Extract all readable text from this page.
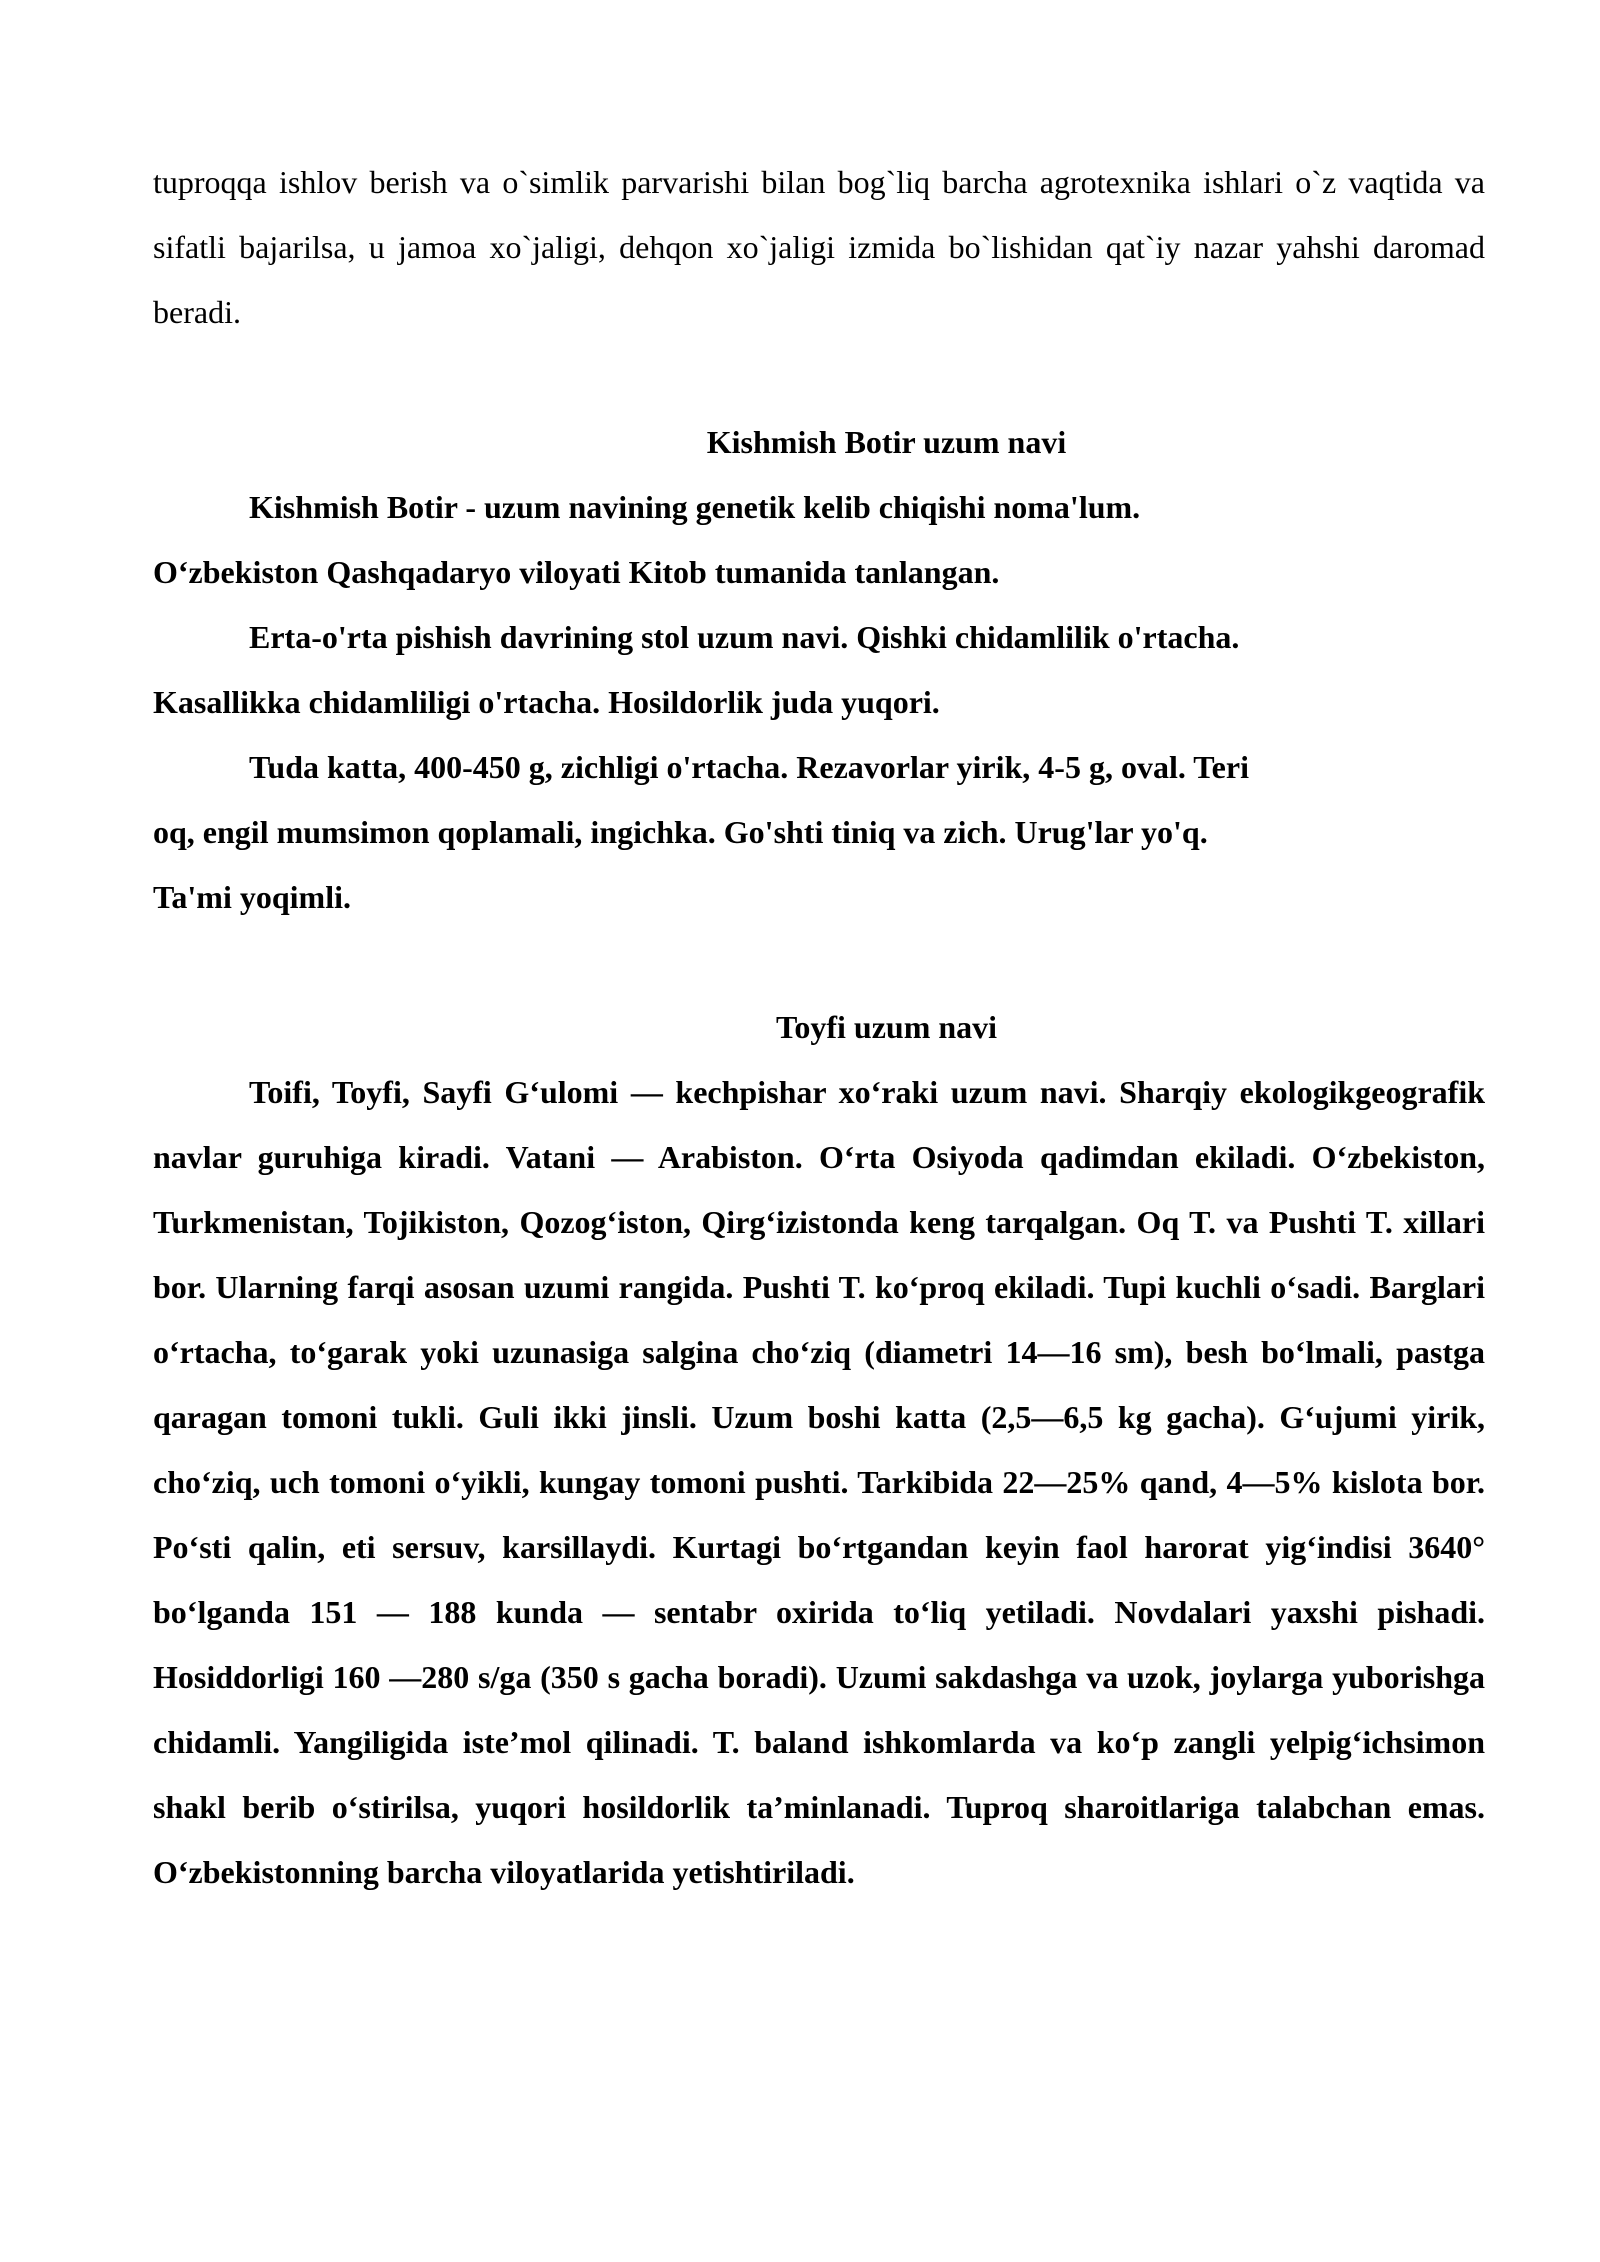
tuproqqa ishlov berish va o`simlik parvarishi bilan bog`liq barcha agrotexnika ishlari o`z vaqtida va sifatli bajarilsa, u jamoa xo`jaligi, dehqon xo`jaligi izmida bo`lishidan qat`iy nazar yahshi daromad beradi.

Kishmish Botir uzum navi

Kishmish Botir - uzum navining genetik kelib chiqishi noma'lum.

O‘zbekiston Qashqadaryo viloyati Kitob tumanida tanlangan.

Erta-o'rta pishish davrining stol uzum navi. Qishki chidamlilik o'rtacha.

Kasallikka chidamliligi o'rtacha. Hosildorlik juda yuqori.

Tuda katta, 400-450 g, zichligi o'rtacha. Rezavorlar yirik, 4-5 g, oval. Teri

oq, engil mumsimon qoplamali, ingichka. Go'shti tiniq va zich. Urug'lar yo'q.

Ta'mi yoqimli.

Toyfi uzum navi

Toifi, Toyfi, Sayfi G‘ulomi — kechpishar xo‘raki uzum navi. Sharqiy ekologikgeografik navlar guruhiga kiradi. Vatani — Arabiston. O‘rta Osiyoda qadimdan ekiladi. O‘zbekiston, Turkmenistan, Tojikiston, Qozog‘iston, Qirg‘izistonda keng tarqalgan. Oq T. va Pushti T. xillari bor. Ularning farqi asosan uzumi rangida. Pushti T. ko‘proq ekiladi. Tupi kuchli o‘sadi. Barglari o‘rtacha, to‘garak yoki uzunasiga salgina cho‘ziq (diametri 14—16 sm), besh bo‘lmali, pastga qaragan tomoni tukli. Guli ikki jinsli. Uzum boshi katta (2,5—6,5 kg gacha). G‘ujumi yirik, cho‘ziq, uch tomoni o‘yikli, kungay tomoni pushti. Tarkibida 22—25% qand, 4—5% kislota bor. Po‘sti qalin, eti sersuv, karsillaydi. Kurtagi bo‘rtgandan keyin faol harorat yig‘indisi 3640° bo‘lganda 151 — 188 kunda — sentabr oxirida to‘liq yetiladi. Novdalari yaxshi pishadi. Hosiddorligi 160 —280 s/ga (350 s gacha boradi). Uzumi sakdashga va uzok, joylarga yuborishga chidamli. Yangiligida iste’mol qilinadi. T. baland ishkomlarda va ko‘p zangli yelpig‘ichsimon shakl berib o‘stirilsa, yuqori hosildorlik ta’minlanadi. Tuproq sharoitlariga talabchan emas. O‘zbekistonning barcha viloyatlarida yetishtiriladi.
